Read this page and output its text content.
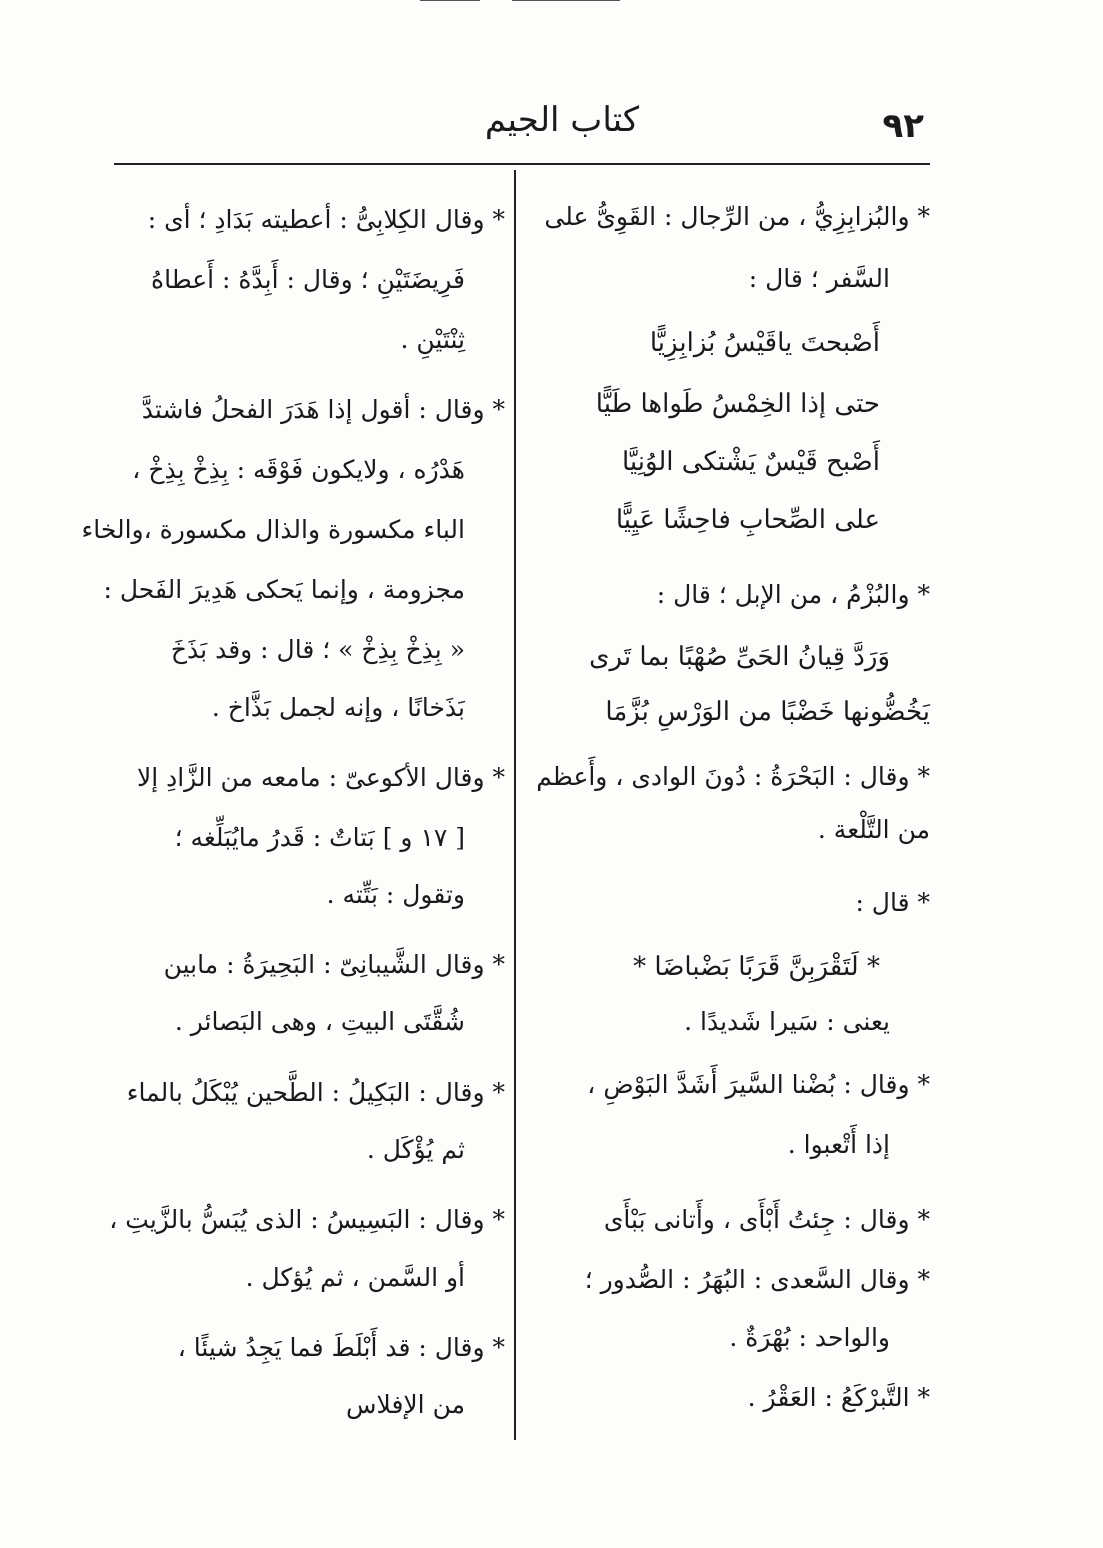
٩٢
كتاب الجيم
* والبُزابِزِيُّ ، من الرِّجال : القَوِىُّ على
السَّفر ؛ قال :
أَصْبحتَ ياقَيْسُ بُزابِزِيًّا
حتى إذا الخِمْسُ طَواها طَيًّا
أَصْبح قَيْسٌ يَشْتكى الوُنِيَّا
على الصِّحابِ فاحِشًا عَيِيًّا
* والبُزْمُ ، من الإبل ؛ قال :
وَرَدَّ قِيانُ الحَىِّ صُهْبًا بما تَرى
يَخُضُّونها خَضْبًا من الوَرْسِ بُزَّمَا
* وقال : البَحْرَةُ : دُونَ الوادى ، وأَعظم
من التَّلْعة .
* قال :
* لَتَقْرَبِنَّ قَرَبًا بَضْباضَا *
يعنى : سَيرا شَديدًا .
* وقال : بُضْنا السَّيرَ أَشَدَّ البَوْضِ ،
إذا أَتْعبوا .
* وقال : جِئتُ أَبْأَى ، وأَتانى بَبْأَى
* وقال السَّعدى : البُهَرُ : الصُّدور ؛
والواحد : بُهْرَةٌ .
* التَّبرْكَعُ : العَقْرُ .
* وقال الكِلابِىُّ : أعطيته بَدَادِ ؛ أى :
فَرِيضَتَيْنِ ؛ وقال : أَبِدَّهُ : أَعطاهُ
ثِنْتَيْنِ .
* وقال : أقول إذا هَدَرَ الفحلُ فاشتدَّ
هَدْرُه ، ولايكون فَوْقَه : بِذِخْ بِذِخْ ،
الباء مكسورة والذال مكسورة ،والخاء
مجزومة ، وإنما يَحكى هَدِيرَ الفَحل :
« بِذِخْ بِذِخْ » ؛ قال : وقد بَذَخَ
بَذَخانًا ، وإنه لجمل بَذَّاخ .
* وقال الأكوعىّ : مامعه من الزَّادِ إلا
[ ١٧ و ] بَتاتٌ : قَدرُ مايُبَلِّغه ؛
وتقول : بَتِّته .
* وقال الشَّيبانِىّ : البَحِيرَةُ : مابين
شُقَّتَى البيتِ ، وهى البَصائر .
* وقال : البَكِيلُ : الطَّحين يُبْكَلُ بالماء
ثم يُؤْكَل .
* وقال : البَسِيسُ : الذى يُبَسُّ بالزَّيتِ ،
أو السَّمن ، ثم يُؤكل .
* وقال : قد أَبْلَطَ فما يَجِدُ شيئًا ،
من الإفلاس
